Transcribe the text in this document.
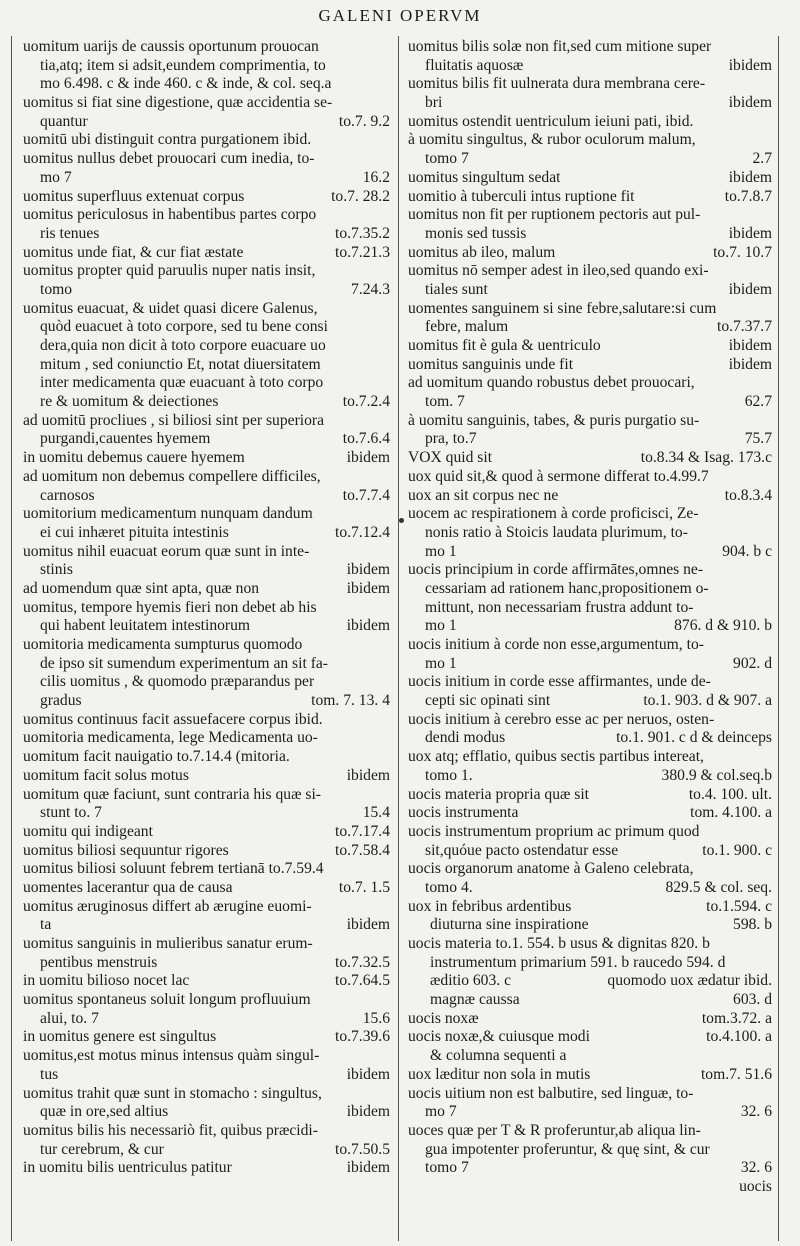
GALENI OPERVM
uomitum uarijs de caussis oportunum prouocan
tia,atq; item si adsit,eundem comprimentia, to
mo 6.498. c & inde 460. c & inde, & col. seq.a
uomitus si fiat sine digestione, quæ accidentia se-
quantur	to.7. 9.2
uomitū ubi distinguit contra purgationem ibid.
uomitus nullus debet prouocari cum inedia, to-
mo 7	16.2
uomitus superfluus extenuat corpus	to.7. 28.2
uomitus periculosus in habentibus partes corpo
ris tenues	to.7.35.2
uomitus unde fiat, & cur fiat æstate	to.7.21.3
uomitus propter quid paruulis nuper natis insit,
tomo	7.24.3
uomitus euacuat, & uidet quasi dicere Galenus,
quòd euacuet à toto corpore, sed tu bene consi
dera,quia non dicit à toto corpore euacuare uo
mitum , sed coniunctio Et, notat diuersitatem
inter medicamenta quæ euacuant à toto corpo
re & uomitum & deiectiones	to.7.2.4
ad uomitū procliues , si biliosi sint per superiora
purgandi,cauentes hyemem	to.7.6.4
in uomitu debemus cauere hyemem	ibidem
ad uomitum non debemus compellere difficiles,
carnosos	to.7.7.4
uomitorium medicamentum nunquam dandum
ei cui inhæret pituita intestinis	to.7.12.4
uomitus nihil euacuat eorum quæ sunt in inte-
stinis	ibidem
ad uomendum quæ sint apta, quæ non	ibidem
uomitus, tempore hyemis fieri non debet ab his
qui habent leuitatem intestinorum	ibidem
uomitoria medicamenta sumpturus quomodo
de ipso sit sumendum experimentum an sit fa-
cilis uomitus , & quomodo præparandus per
gradus	tom. 7. 13. 4
uomitus continuus facit assuefacere corpus ibid.
uomitoria medicamenta, lege Medicamenta uo-
uomitum facit nauigatio to.7.14.4 (mitoria.
uomitum facit solus motus	ibidem
uomitum quæ faciunt, sunt contraria his quæ si-
stunt to. 7	15.4
uomitu qui indigeant	to.7.17.4
uomitus biliosi sequuntur rigores	to.7.58.4
uomitus biliosi soluunt febrem tertianā to.7.59.4
uomentes lacerantur qua de causa	to.7. 1.5
uomitus æruginosus differt ab ærugine euomi-
ta	ibidem
uomitus sanguinis in mulieribus sanatur erum-
pentibus menstruis	to.7.32.5
in uomitu bilioso nocet lac	to.7.64.5
uomitus spontaneus soluit longum profluuium
alui, to. 7	15.6
in uomitus genere est singultus	to.7.39.6
uomitus,est motus minus intensus quàm singul-
tus	ibidem
uomitus trahit quæ sunt in stomacho : singultus,
quæ in ore,sed altius	ibidem
uomitus bilis his necessariò fit, quibus præcidi-
tur cerebrum, & cur	to.7.50.5
in uomitu bilis uentriculus patitur	ibidem
uomitus bilis solæ non fit,sed cum mitione super
fluitatis aquosæ	ibidem
uomitus bilis fit uulnerata dura membrana cere-
bri	ibidem
uomitus ostendit uentriculum ieiuni pati, ibid.
à uomitu singultus, & rubor oculorum malum,
tomo 7	2.7
uomitus singultum sedat	ibidem
uomitio à tuberculi intus ruptione fit	to.7.8.7
uomitus non fit per ruptionem pectoris aut pul-
monis sed tussis	ibidem
uomitus ab ileo, malum	to.7. 10.7
uomitus nō semper adest in ileo,sed quando exi-
tiales sunt	ibidem
uomentes sanguinem si sine febre,salutare:si cum
febre, malum	to.7.37.7
uomitus fit è gula & uentriculo	ibidem
uomitus sanguinis unde fit	ibidem
ad uomitum quando robustus debet prouocari,
tom. 7	62.7
à uomitu sanguinis, tabes, & puris purgatio su-
pra, to.7	75.7
VOX quid sit	to.8.34 & Isag. 173.c
uox quid sit,& quod à sermone differat to.4.99.7
uox an sit corpus nec ne	to.8.3.4
uocem ac respirationem à corde proficisci, Ze-
nonis ratio à Stoicis laudata plurimum, to-
mo 1	904. b c
uocis principium in corde affirmātes,omnes ne-
cessariam ad rationem hanc,propositionem o-
mittunt, non necessariam frustra addunt to-
mo 1	876. d & 910. b
uocis initium à corde non esse,argumentum, to-
mo 1	902. d
uocis initium in corde esse affirmantes, unde de-
cepti sic opinati sint	to.1. 903. d & 907. a
uocis initium à cerebro esse ac per neruos, osten-
dendi modus	to.1. 901. c d & deinceps
uox atq; efflatio, quibus sectis partibus intereat,
tomo 1.	380.9 & col.seq.b
uocis materia propria quæ sit	to.4. 100. ult.
uocis instrumenta	tom. 4.100. a
uocis instrumentum proprium ac primum quod
sit,quóue pacto ostendatur esse	to.1. 900. c
uocis organorum anatome à Galeno celebrata,
tomo 4.	829.5 & col. seq.
uox in febribus ardentibus	to.1.594. c
diuturna sine inspiratione	598. b
uocis materia to.1. 554. b usus & dignitas 820. b
instrumentum primarium 591. b raucedo 594. d
æditio 603. c	quomodo uox ædatur ibid.
magnæ caussa	603. d
uocis noxæ	tom.3.72. a
uocis noxæ,& cuiusque modi	to.4.100. a
& columna sequenti a
uox læditur non sola in mutis	tom.7. 51.6
uocis uitium non est balbutire, sed linguæ, to-
mo 7	32. 6
uoces quæ per T & R proferuntur,ab aliqua lin-
gua impotenter proferuntur, & quę sint, & cur
tomo 7	32. 6
uocis
